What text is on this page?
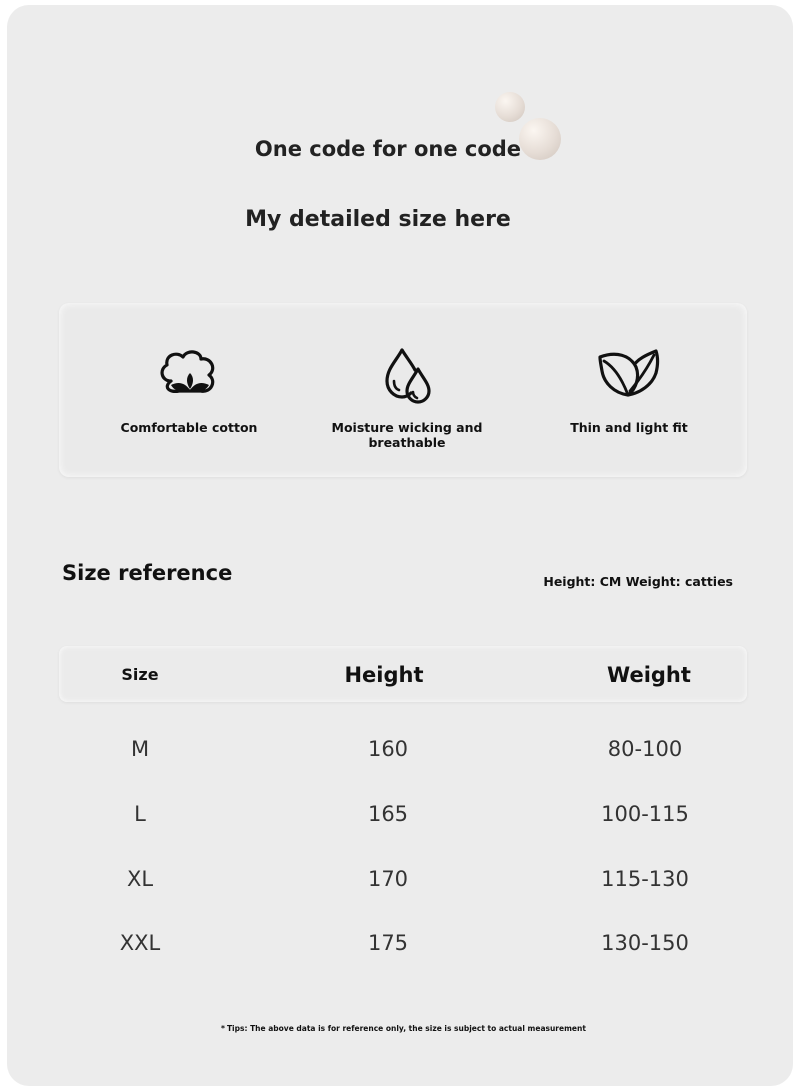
One code for one code
My detailed size here
Comfortable cotton	Moisture wicking and breathable
Thin and light fit
Size reference	Height: CM Weight: catties
Size	Height	Weight
M	160	80-100
L	165	100-115
XL	170	115-130
XXL	175	130-150
* Tips: The above data is for reference only, the size is subject to actual measurement
